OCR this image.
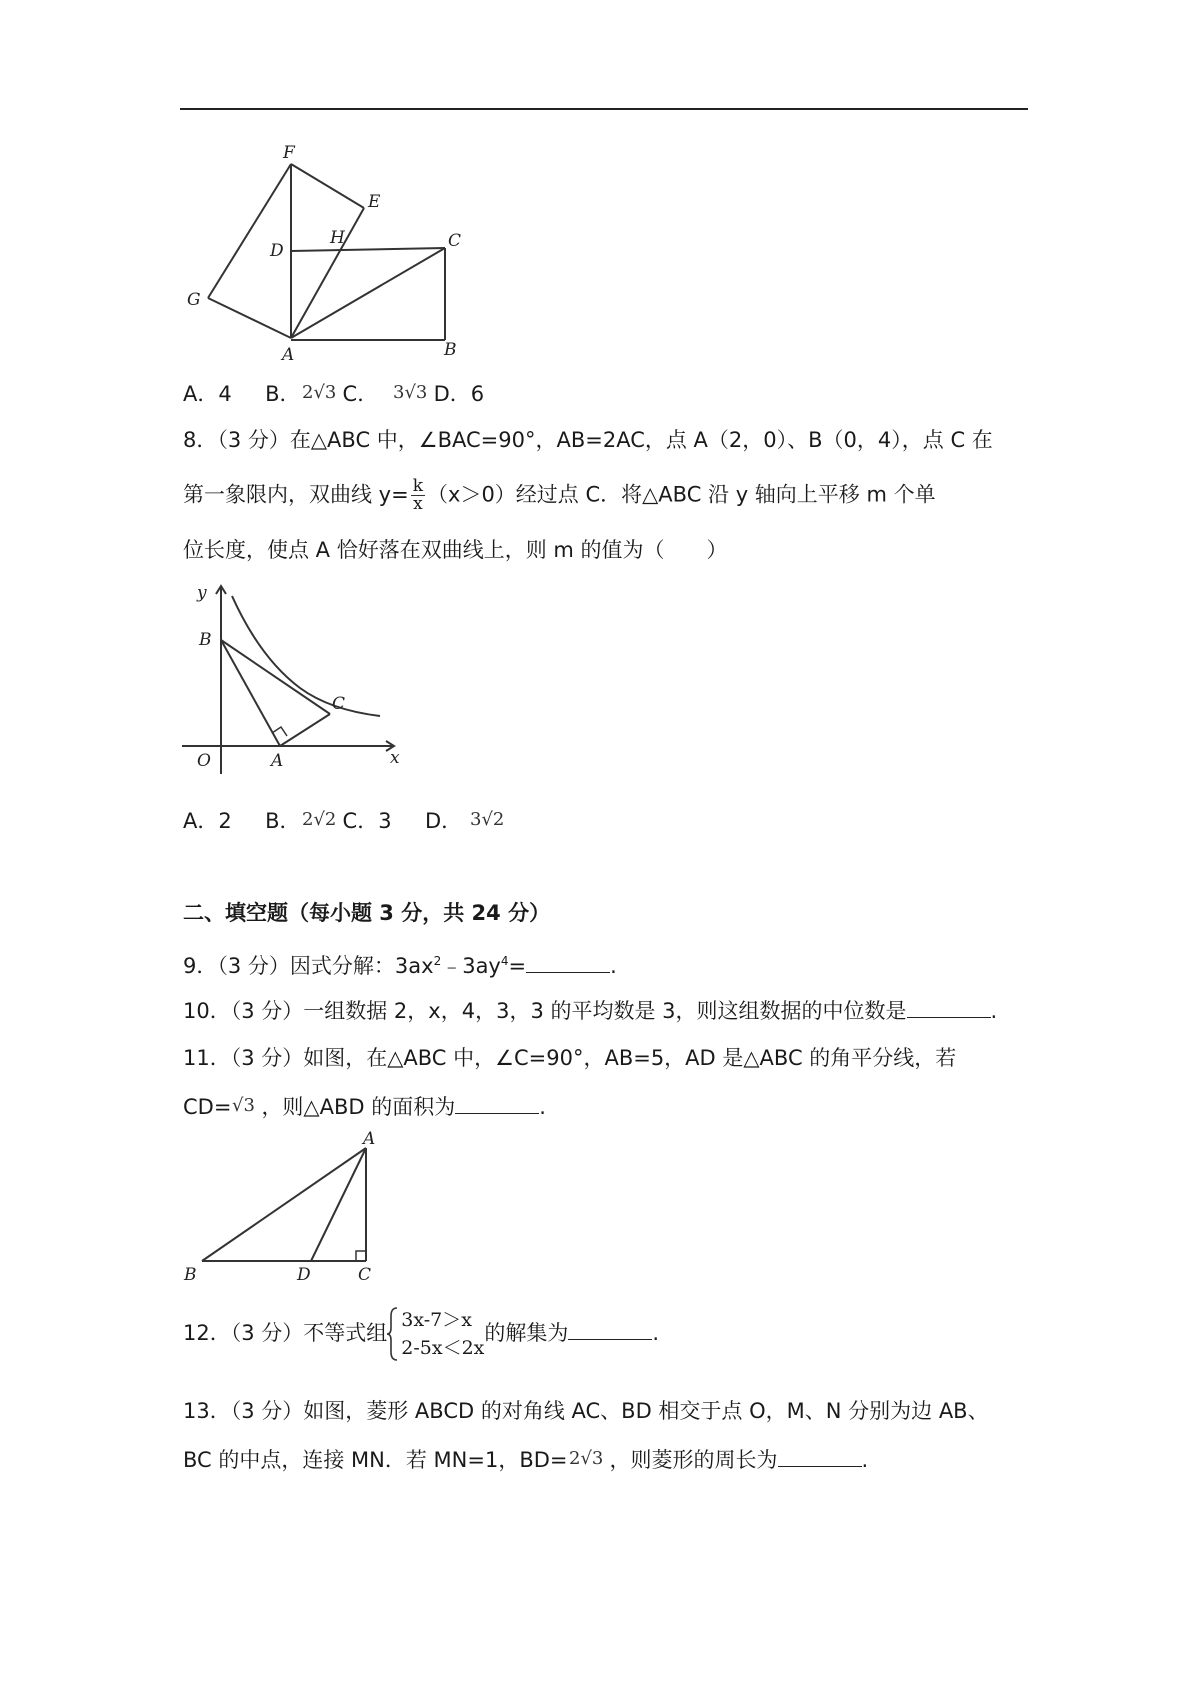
F
E
D
H	C
G
A	B
A．4 B． 2√3 C． 3√3 D．6
8．（3 分）在△ABC 中，∠BAC=90°，AB=2AC，点 A（2，0）、B（0，4），点 C 在
第一象限内，双曲线 $y= \frac{k}{x} (x>0)$经过点 C．将△ABC 沿 y 轴向上平移 m 个单
位长度，使点 A 恰好落在双曲线上，则 m 的值为（　　）
y
B
C
O	A	x
A．2 B． 2√2 C．3 D． 3√2
二、填空题（每小题 3 分，共 24 分）
9．（3 分）因式分解：$3ax^2﹣3ay^4=$	.
10．（3 分）一组数据 2，x，4，3，3 的平均数是 3，则这组数据的中位数是	.
11．（3 分）如图，在△ABC 中，∠C=90°，AB=5，AD 是△ABC 的角平分线，若
CD= √3 ，则△ABD 的面积为	.
A
B	D	C
12．（3 分）不等式组
3x-7＞x
2-5x＜2x
的解集为	.
13．（3 分）如图，菱形 ABCD 的对角线 AC、BD 相交于点 O，M、N 分别为边 AB、
BC 的中点，连接 MN．若 MN=1，BD= 2√3 ，则菱形的周长为	.
